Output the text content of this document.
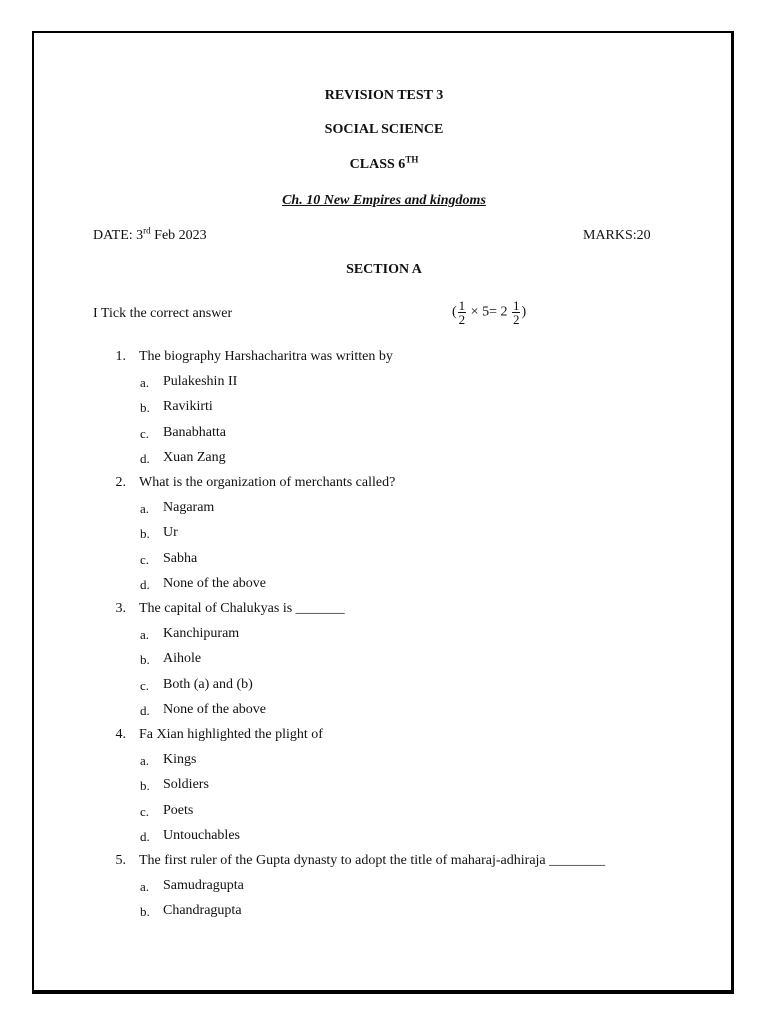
REVISION TEST 3
SOCIAL SCIENCE
CLASS 6TH
Ch. 10 New Empires and kingdoms
DATE: 3rd Feb 2023	MARKS:20
SECTION A
I Tick the correct answer	( $\frac{1}{2} \times 5= 2 \frac{1}{2}$ )
1. The biography Harshacharitra was written by
a. Pulakeshin II
b. Ravikirti
c. Banabhatta
d. Xuan Zang
2. What is the organization of merchants called?
a. Nagaram
b. Ur
c. Sabha
d. None of the above
3. The capital of Chalukyas is _______
a. Kanchipuram
b. Aihole
c. Both (a) and (b)
d. None of the above
4. Fa Xian highlighted the plight of
a. Kings
b. Soldiers
c. Poets
d. Untouchables
5. The first ruler of the Gupta dynasty to adopt the title of maharaj-adhiraja ________
a. Samudragupta
b. Chandragupta
